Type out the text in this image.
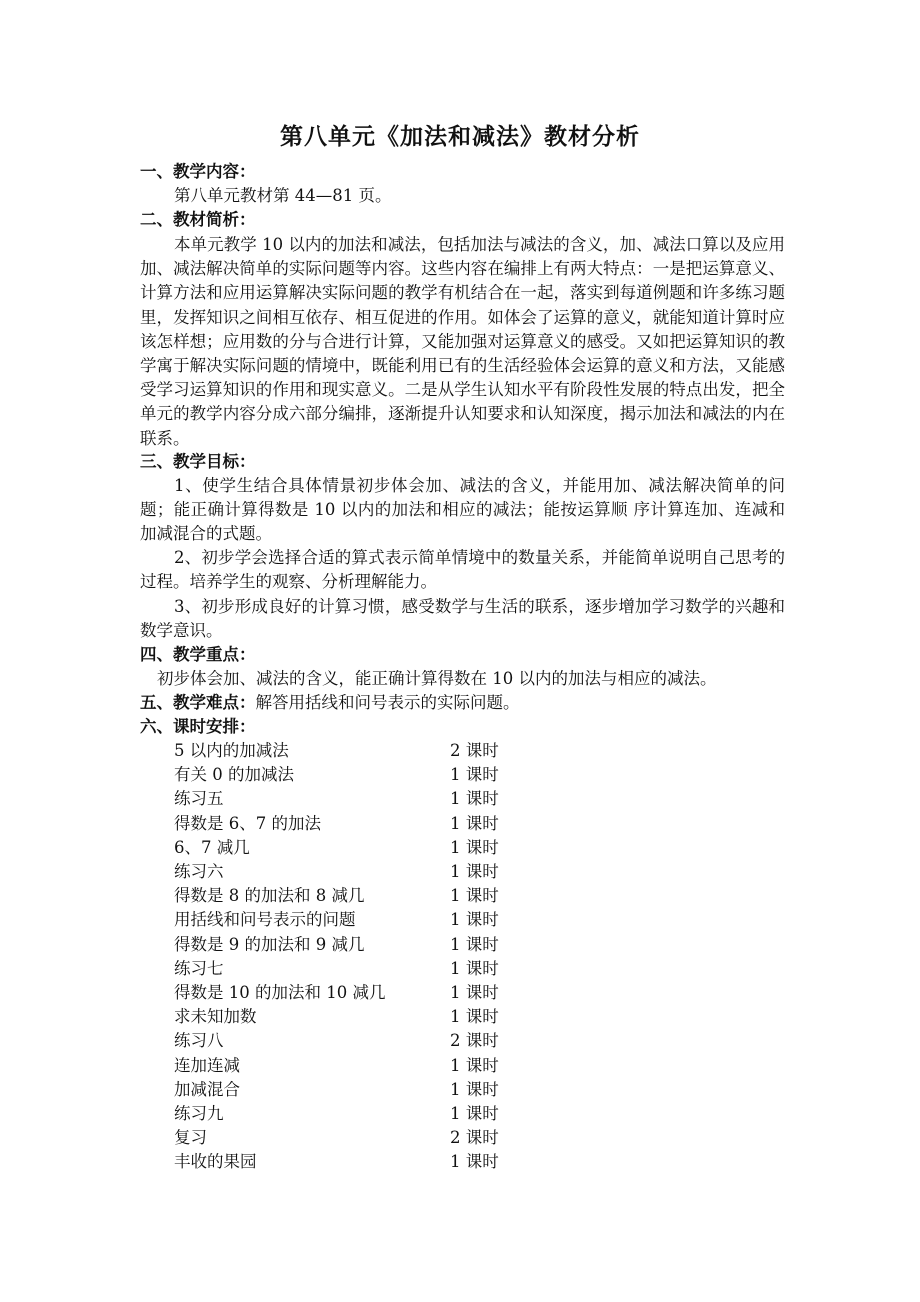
第八单元《加法和减法》教材分析
一、教学内容：
第八单元教材第 44—81 页。
二、教材简析：
本单元教学 10 以内的加法和减法，包括加法与减法的含义，加、减法口算以及应用加、减法解决简单的实际问题等内容。这些内容在编排上有两大特点：一是把运算意义、计算方法和应用运算解决实际问题的教学有机结合在一起，落实到每道例题和许多练习题里，发挥知识之间相互依存、相互促进的作用。如体会了运算的意义，就能知道计算时应该怎样想；应用数的分与合进行计算，又能加强对运算意义的感受。又如把运算知识的教学寓于解决实际问题的情境中，既能利用已有的生活经验体会运算的意义和方法，又能感受学习运算知识的作用和现实意义。二是从学生认知水平有阶段性发展的特点出发，把全单元的教学内容分成六部分编排，逐渐提升认知要求和认知深度，揭示加法和减法的内在联系。
三、教学目标：
1、使学生结合具体情景初步体会加、减法的含义，并能用加、减法解决简单的问题；能正确计算得数是 10 以内的加法和相应的减法；能按运算顺 序计算连加、连减和加减混合的式题。
2、初步学会选择合适的算式表示简单情境中的数量关系，并能简单说明自己思考的过程。培养学生的观察、分析理解能力。
3、初步形成良好的计算习惯，感受数学与生活的联系，逐步增加学习数学的兴趣和数学意识。
四、教学重点：
初步体会加、减法的含义，能正确计算得数在 10 以内的加法与相应的减法。
五、教学难点：解答用括线和问号表示的实际问题。
六、课时安排：
5 以内的加减法	2 课时
有关 0 的加减法	1 课时
练习五	1 课时
得数是 6、7 的加法	1 课时
6、7 减几	1 课时
练习六	1 课时
得数是 8 的加法和 8 减几	1 课时
用括线和问号表示的问题	1 课时
得数是 9 的加法和 9 减几	1 课时
练习七	1 课时
得数是 10 的加法和 10 减几	1 课时
求未知加数	1 课时
练习八	2 课时
连加连减	1 课时
加减混合	1 课时
练习九	1 课时
复习	2 课时
丰收的果园	1 课时
